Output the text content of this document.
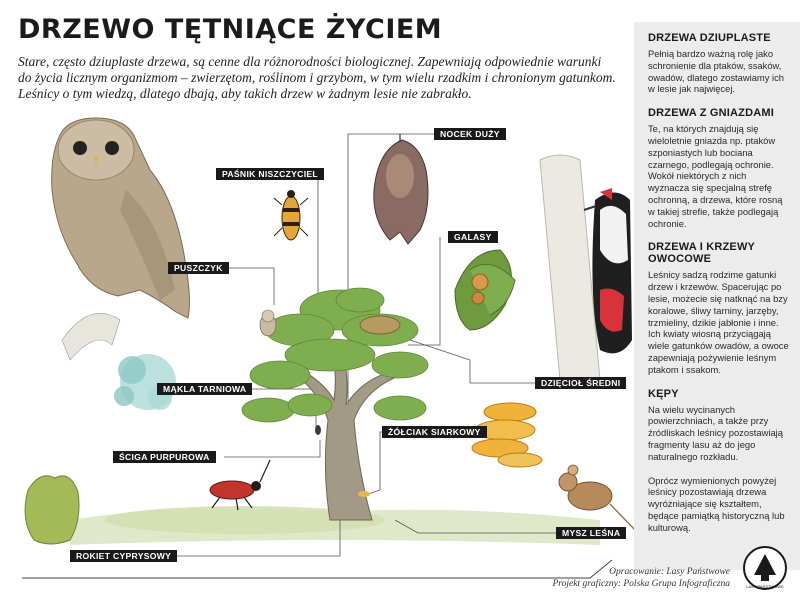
DRZEWO TĘTNIĄCE ŻYCIEM
Stare, często dziuplaste drzewa, są cenne dla różnorodności biologicznej. Zapewniają odpowiednie warunki do życia licznym organizmom – zwierzętom, roślinom i grzybom, w tym wielu rzadkim i chronionym gatunkom. Leśnicy o tym wiedzą, dlatego dbają, aby takich drzew w żadnym lesie nie zabrakło.
NOCEK DUŻY
PAŚNIK NISZCZYCIEL
GALASY
PUSZCZYK
DZIĘCIOŁ ŚREDNI
MĄKLA TARNIOWA
ŻÓŁCIAK SIARKOWY
ŚCIGA PURPUROWA
MYSZ LEŚNA
ROKIET CYPRYSOWY

DRZEWA DZIUPLASTE

Pełnią bardzo ważną rolę jako schronienie dla ptaków, ssaków, owadów, dlatego zostawiamy ich w lesie jak najwięcej.

DRZEWA Z GNIAZDAMI

Te, na których znajdują się wieloletnie gniazda np. ptaków szponiastych lub bociana czarnego, podlegają ochronie. Wokół niektórych z nich wyznacza się specjalną strefę ochronną, a drzewa, które rosną w takiej strefie, także podlegają ochronie.

DRZEWA I KRZEWY OWOCOWE

Leśnicy sadzą rodzime gatunki drzew i krzewów. Spacerując po lesie, możecie się natknąć na bzy koralowe, śliwy tarniny, jarzęby, trzmieliny, dzikie jabłonie i inne. Ich kwiaty wiosną przyciągają wiele gatunków owadów, a owoce zapewniają pożywienie leśnym ptakom i ssakom.

KĘPY

Na wielu wycinanych powierzchniach, a także przy źródliskach leśnicy pozostawiają fragmenty lasu aż do jego naturalnego rozkładu.

Oprócz wymienionych powyżej leśnicy pozostawiają drzewa wyróżniające się kształtem, będące pamiątką historyczną lub kulturową.

Opracowanie: Lasy Państwowe
Projekt graficzny: Polska Grupa Infograficzna	LASY PAŃSTWOWE
